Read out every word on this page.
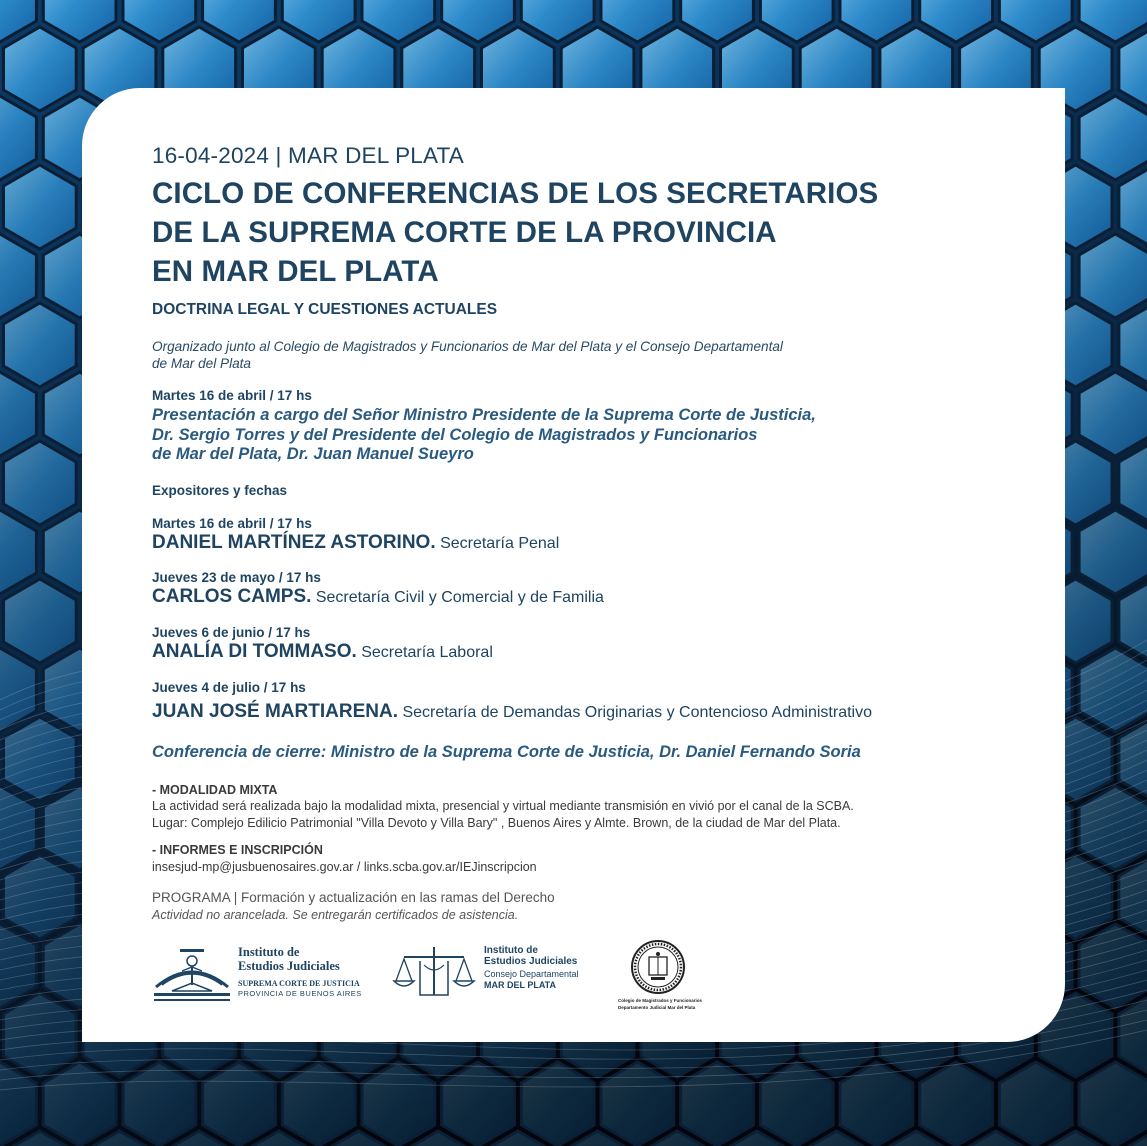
16-04-2024 | MAR DEL PLATA
CICLO DE CONFERENCIAS DE LOS SECRETARIOS
DE LA SUPREMA CORTE DE LA PROVINCIA
EN MAR DEL PLATA
DOCTRINA LEGAL Y CUESTIONES ACTUALES
Organizado junto al Colegio de Magistrados y Funcionarios de Mar del Plata y el Consejo Departamental
de Mar del Plata
Martes 16 de abril / 17 hs
Presentación a cargo del Señor Ministro Presidente de la Suprema Corte de Justicia,
Dr. Sergio Torres y del Presidente del Colegio de Magistrados y Funcionarios
de Mar del Plata, Dr. Juan Manuel Sueyro
Expositores y fechas
Martes 16 de abril / 17 hs
DANIEL MARTÍNEZ ASTORINO. Secretaría Penal
Jueves 23 de mayo / 17 hs
CARLOS CAMPS. Secretaría Civil y Comercial y de Familia
Jueves 6 de junio / 17 hs
ANALÍA DI TOMMASO. Secretaría Laboral
Jueves 4 de julio / 17 hs
JUAN JOSÉ MARTIARENA. Secretaría de Demandas Originarias y Contencioso Administrativo
Conferencia de cierre: Ministro de la Suprema Corte de Justicia, Dr. Daniel Fernando Soria
- MODALIDAD MIXTA
La actividad será realizada bajo la modalidad mixta, presencial y virtual mediante transmisión en vivió por el canal de la SCBA.
Lugar: Complejo Edilicio Patrimonial "Villa Devoto y Villa Bary" , Buenos Aires y Almte. Brown, de la ciudad de Mar del Plata.
- INFORMES E INSCRIPCIÓN
insesjud-mp@jusbuenosaires.gov.ar / links.scba.gov.ar/IEJinscripcion
PROGRAMA | Formación y actualización en las ramas del Derecho
Actividad no arancelada. Se entregarán certificados de asistencia.
Instituto de
Estudios Judiciales
SUPREMA CORTE DE JUSTICIA
PROVINCIA DE BUENOS AIRES
Instituto de
Estudios Judiciales
Consejo Departamental
MAR DEL PLATA
Colegio de Magistrados y Funcionarios
Departamento Judicial Mar del Plata
